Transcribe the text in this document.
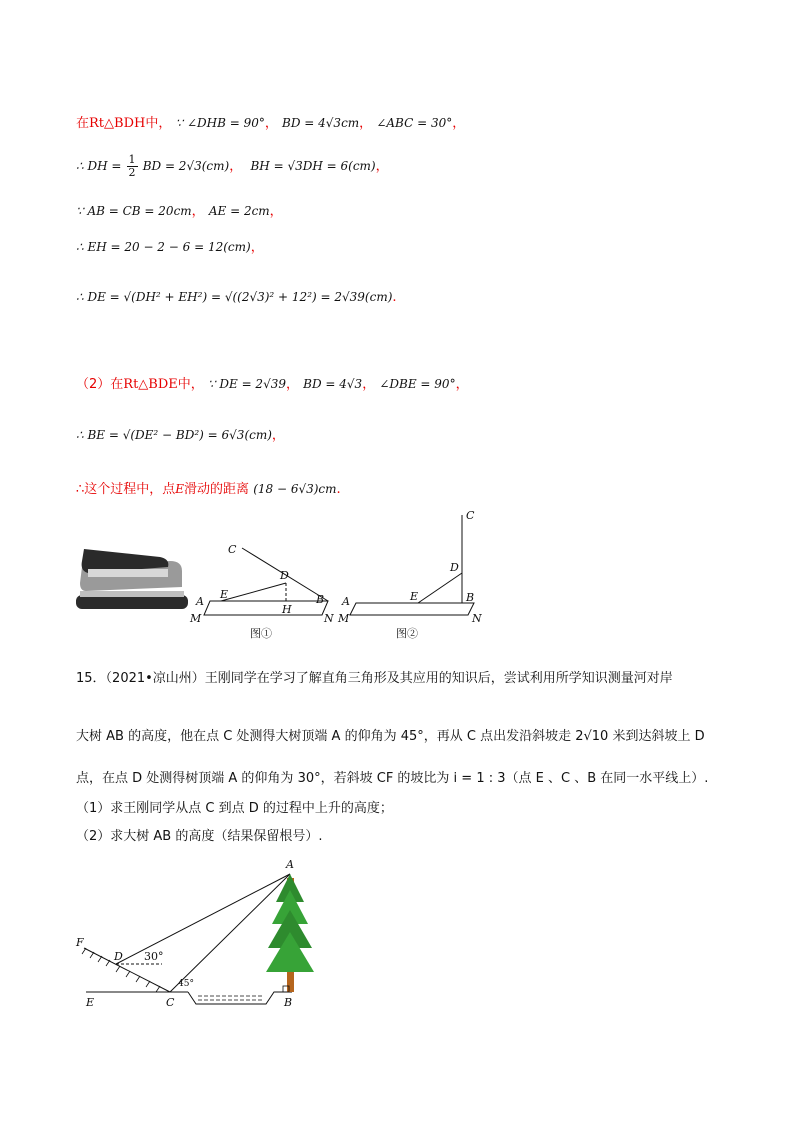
在Rt△BDH中， ∵ ∠DHB = 90°， BD = 4√3cm， ∠ABC = 30°，
∴ DH = $\frac{1}{2}$ BD = 2√3(cm)， BH = √3DH = 6(cm)，
∵ AB = CB = 20cm， AE = 2cm，
∴ EH = 20 − 2 − 6 = 12(cm)，
∴ DE = √(DH² + EH²) = √((2√3)² + 12²) = 2√39(cm).
（2）在Rt△BDE中， ∵ DE = 2√39， BD = 4√3， ∠DBE = 90°，
∴ BE = √(DE² − BD²) = 6√3(cm)，
∴这个过程中，点E滑动的距离 (18 − 6√3)cm.
C
D
A
E
H
B
M	N
图①
C
D
A	E	B
M	N
图②
15．（2021•凉山州）王刚同学在学习了解直角三角形及其应用的知识后，尝试利用所学知识测量河对岸
大树 AB 的高度，他在点 C 处测得大树顶端 A 的仰角为 45°，再从 C 点出发沿斜坡走 2√10 米到达斜坡上 D
点，在点 D 处测得树顶端 A 的仰角为 30°，若斜坡 CF 的坡比为 i = 1 : 3（点 E 、C 、B 在同一水平线上）.
（1）求王刚同学从点 C 到点 D 的过程中上升的高度；
（2）求大树 AB 的高度（结果保留根号）.
A
F
D 30°
45°
E	C	B
